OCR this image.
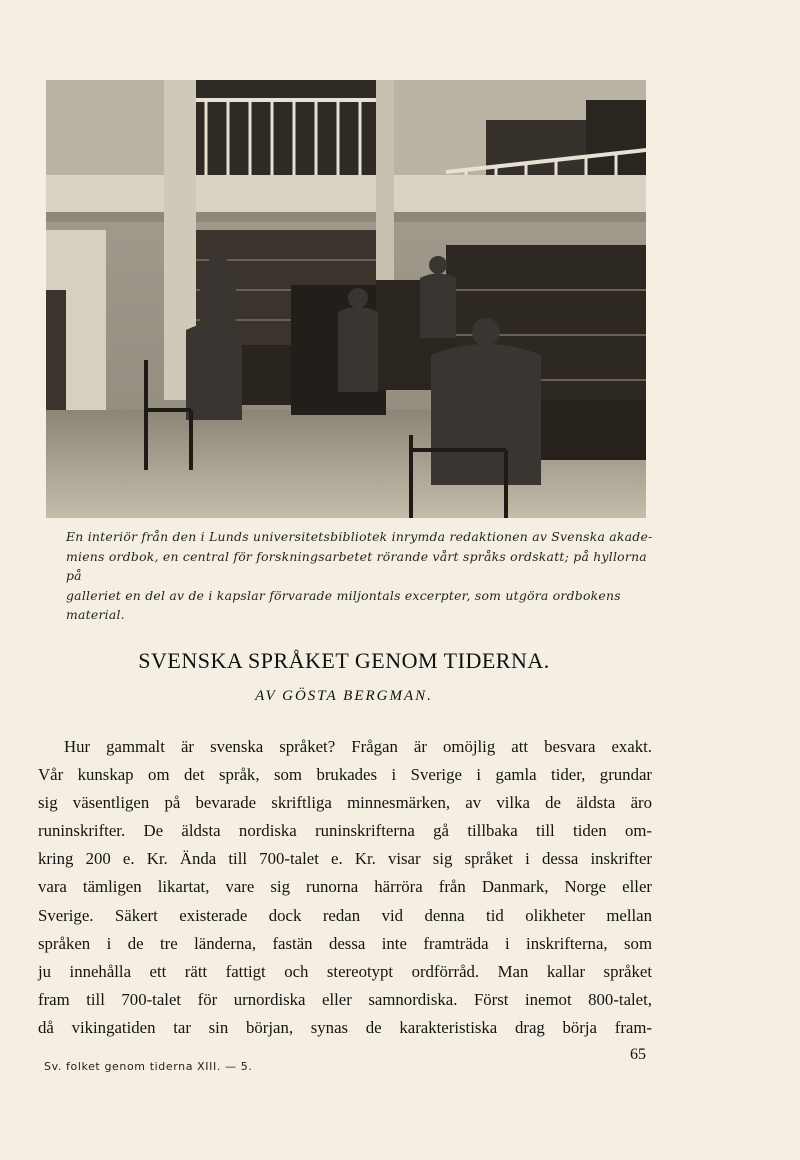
En interiör från den i Lunds universitetsbibliotek inrymda redaktionen av Svenska akade-
miens ordbok, en central för forskningsarbetet rörande vårt språks ordskatt; på hyllorna på
galleriet en del av de i kapslar förvarade miljontals excerpter, som utgöra ordbokens material.
SVENSKA SPRÅKET GENOM TIDERNA.
AV GÖSTA BERGMAN.
Hur gammalt är svenska språket? Frågan är omöjlig att besvara exakt.
Vår kunskap om det språk, som brukades i Sverige i gamla tider, grundar
sig väsentligen på bevarade skriftliga minnesmärken, av vilka de äldsta äro
runinskrifter. De äldsta nordiska runinskrifterna gå tillbaka till tiden om-
kring 200 e. Kr. Ända till 700-talet e. Kr. visar sig språket i dessa inskrifter
vara tämligen likartat, vare sig runorna härröra från Danmark, Norge eller
Sverige. Säkert existerade dock redan vid denna tid olikheter mellan
språken i de tre länderna, fastän dessa inte framträda i inskrifterna, som
ju innehålla ett rätt fattigt och stereotypt ordförråd. Man kallar språket
fram till 700-talet för urnordiska eller samnordiska. Först inemot 800-talet,
då vikingatiden tar sin början, synas de karakteristiska drag börja fram-
65
Sv. folket genom tiderna XIII. — 5.
